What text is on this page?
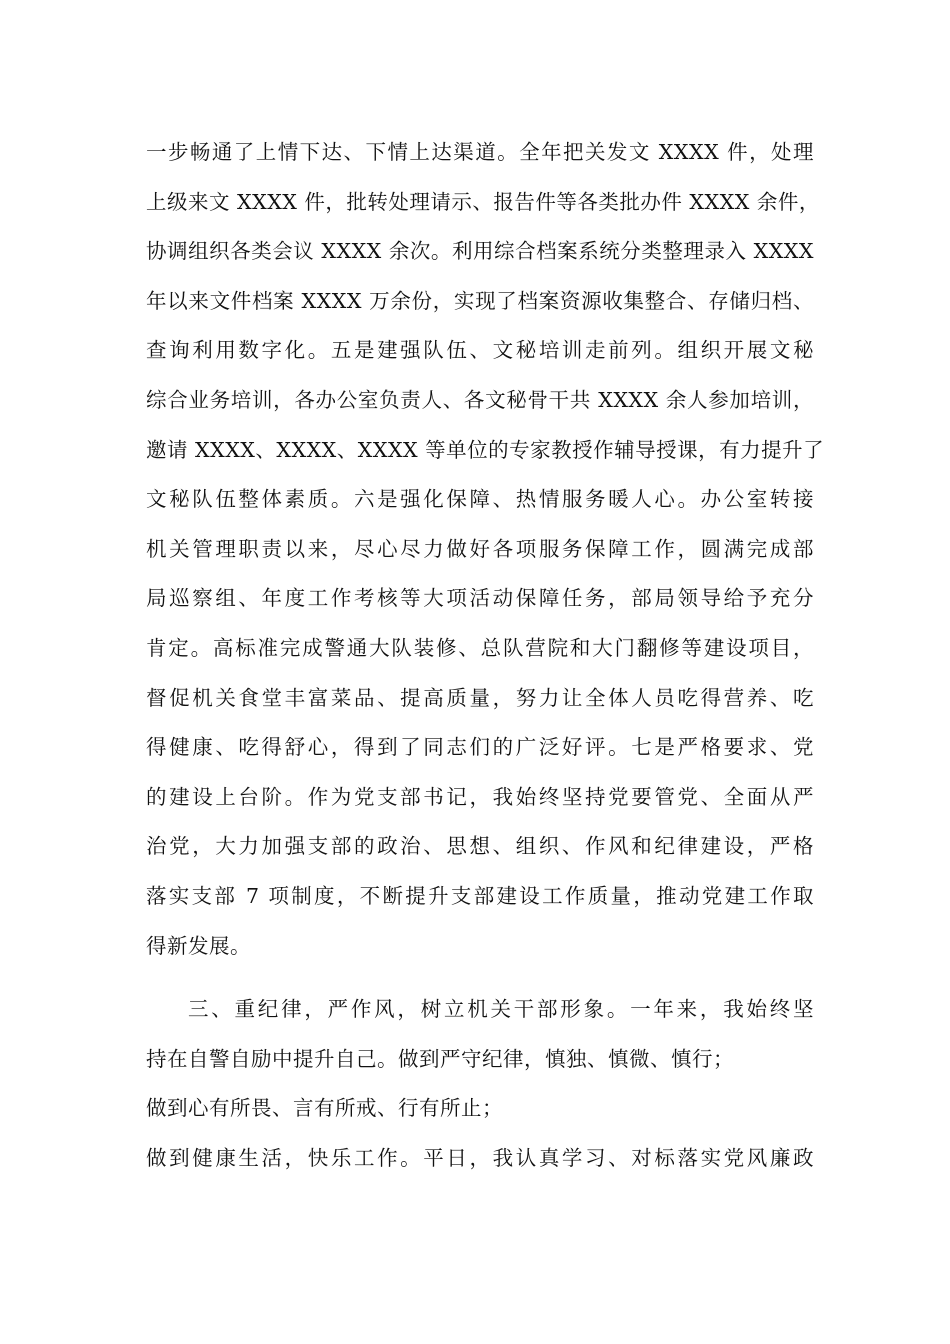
一步畅通了上情下达、下情上达渠道。全年把关发文 XXXX 件，处理
上级来文 XXXX 件，批转处理请示、报告件等各类批办件 XXXX 余件，
协调组织各类会议 XXXX 余次。利用综合档案系统分类整理录入 XXXX
年以来文件档案 XXXX 万余份，实现了档案资源收集整合、存储归档、
查询利用数字化。五是建强队伍、文秘培训走前列。组织开展文秘
综合业务培训，各办公室负责人、各文秘骨干共 XXXX 余人参加培训，
邀请 XXXX、XXXX、XXXX 等单位的专家教授作辅导授课，有力提升了
文秘队伍整体素质。六是强化保障、热情服务暖人心。办公室转接
机关管理职责以来，尽心尽力做好各项服务保障工作，圆满完成部
局巡察组、年度工作考核等大项活动保障任务，部局领导给予充分
肯定。高标准完成警通大队装修、总队营院和大门翻修等建设项目，
督促机关食堂丰富菜品、提高质量，努力让全体人员吃得营养、吃
得健康、吃得舒心，得到了同志们的广泛好评。七是严格要求、党
的建设上台阶。作为党支部书记，我始终坚持党要管党、全面从严
治党，大力加强支部的政治、思想、组织、作风和纪律建设，严格
落实支部 7 项制度，不断提升支部建设工作质量，推动党建工作取
得新发展。
三、重纪律，严作风，树立机关干部形象。一年来，我始终坚
持在自警自励中提升自己。做到严守纪律，慎独、慎微、慎行；
做到心有所畏、言有所戒、行有所止；
做到健康生活，快乐工作。平日，我认真学习、对标落实党风廉政
